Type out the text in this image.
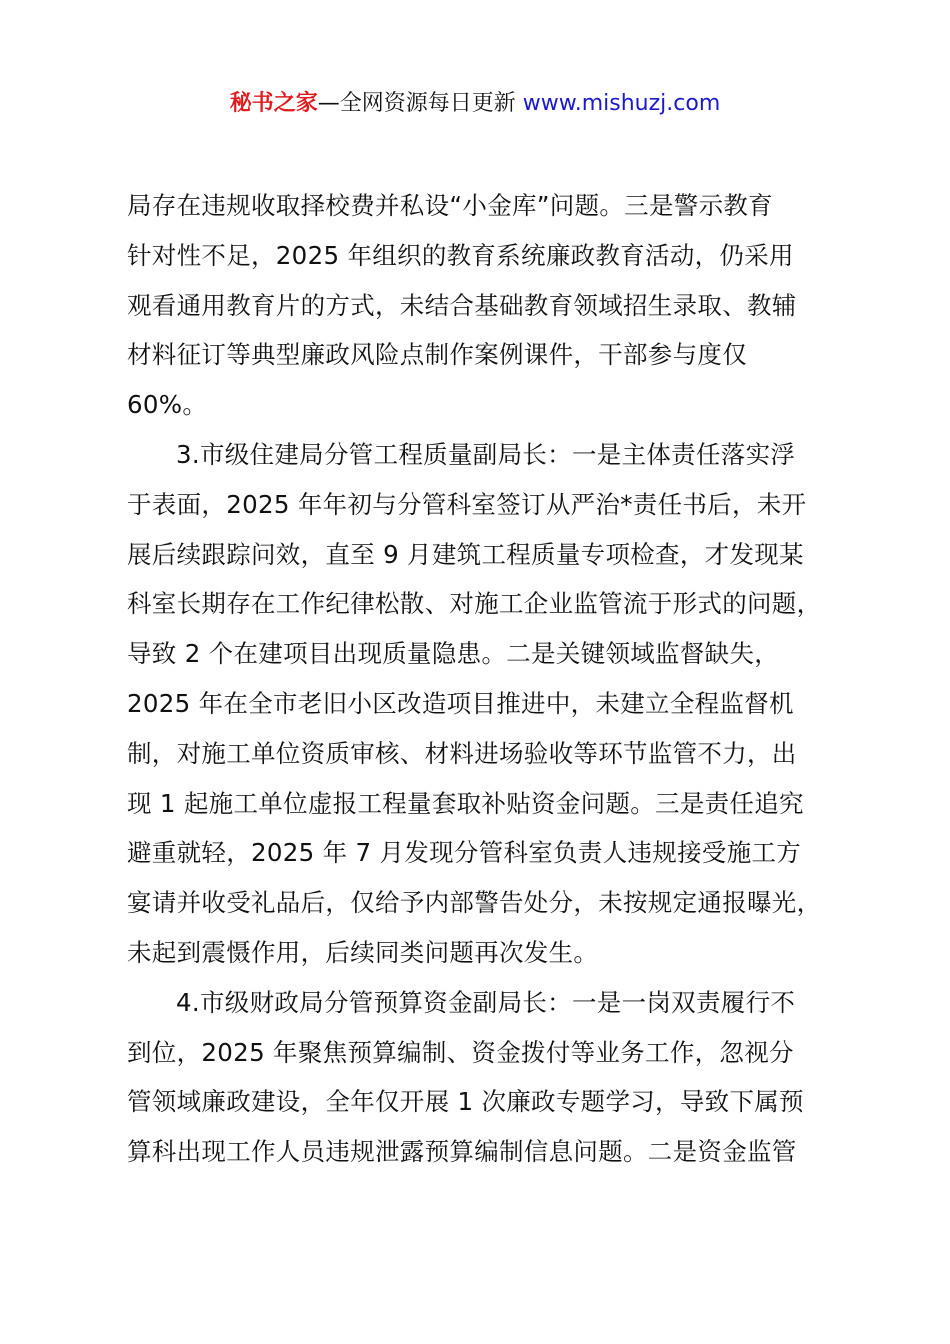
秘书之家—全网资源每日更新 www.mishuzj.com
局存在违规收取择校费并私设“小金库”问题。三是警示教育
针对性不足，2025 年组织的教育系统廉政教育活动，仍采用
观看通用教育片的方式，未结合基础教育领域招生录取、教辅
材料征订等典型廉政风险点制作案例课件，干部参与度仅
60%。
3.市级住建局分管工程质量副局长：一是主体责任落实浮
于表面，2025 年年初与分管科室签订从严治*责任书后，未开
展后续跟踪问效，直至 9 月建筑工程质量专项检查，才发现某
科室长期存在工作纪律松散、对施工企业监管流于形式的问题，
导致 2 个在建项目出现质量隐患。二是关键领域监督缺失，
2025 年在全市老旧小区改造项目推进中，未建立全程监督机
制，对施工单位资质审核、材料进场验收等环节监管不力，出
现 1 起施工单位虚报工程量套取补贴资金问题。三是责任追究
避重就轻，2025 年 7 月发现分管科室负责人违规接受施工方
宴请并收受礼品后，仅给予内部警告处分，未按规定通报曝光，
未起到震慑作用，后续同类问题再次发生。
4.市级财政局分管预算资金副局长：一是一岗双责履行不
到位，2025 年聚焦预算编制、资金拨付等业务工作，忽视分
管领域廉政建设，全年仅开展 1 次廉政专题学习，导致下属预
算科出现工作人员违规泄露预算编制信息问题。二是资金监管
